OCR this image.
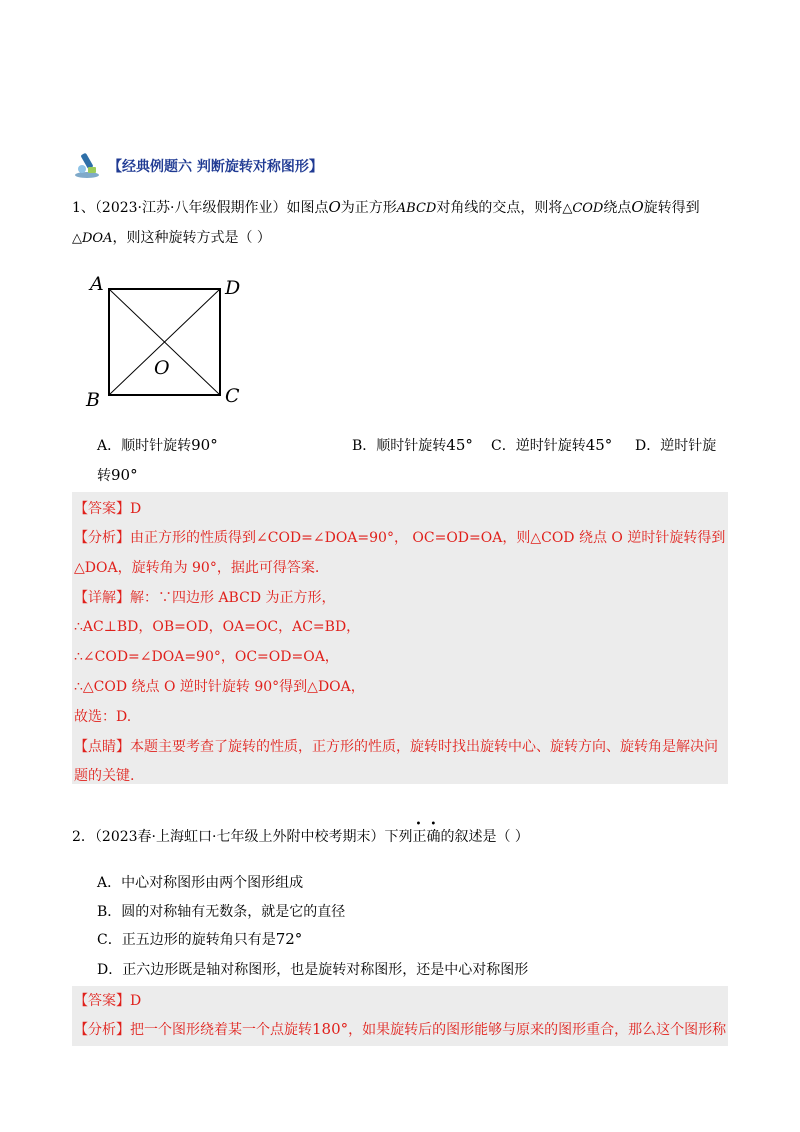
【经典例题六 判断旋转对称图形】
1、（2023·江苏·八年级假期作业）如图点O为正方形ABCD对角线的交点，则将△COD绕点O旋转得到
△DOA，则这种旋转方式是（ ）
A	D
B	C
O
A．顺时针旋转90°	B．顺时针旋转45° C．逆时针旋转45° D．逆时针旋
转90°
【答案】D
【分析】由正方形的性质得到∠COD=∠DOA=90°， OC=OD=OA，则△COD 绕点 O 逆时针旋转得到
△DOA，旋转角为 90°，据此可得答案.
【详解】解：∵四边形 ABCD 为正方形，
∴AC⊥BD，OB=OD，OA=OC，AC=BD，
∴∠COD=∠DOA=90°，OC=OD=OA，
∴△COD 绕点 O 逆时针旋转 90°得到△DOA，
故选：D.
【点睛】本题主要考查了旋转的性质，正方形的性质，旋转时找出旋转中心、旋转方向、旋转角是解决问
题的关键.
2．（2023春·上海虹口·七年级上外附中校考期末）下列
••
正确的叙述是（ ）
A．中心对称图形由两个图形组成
B．圆的对称轴有无数条，就是它的直径
C．正五边形的旋转角只有是72°
D．正六边形既是轴对称图形，也是旋转对称图形，还是中心对称图形
【答案】D
【分析】把一个图形绕着某一个点旋转180°，如果旋转后的图形能够与原来的图形重合，那么这个图形称
